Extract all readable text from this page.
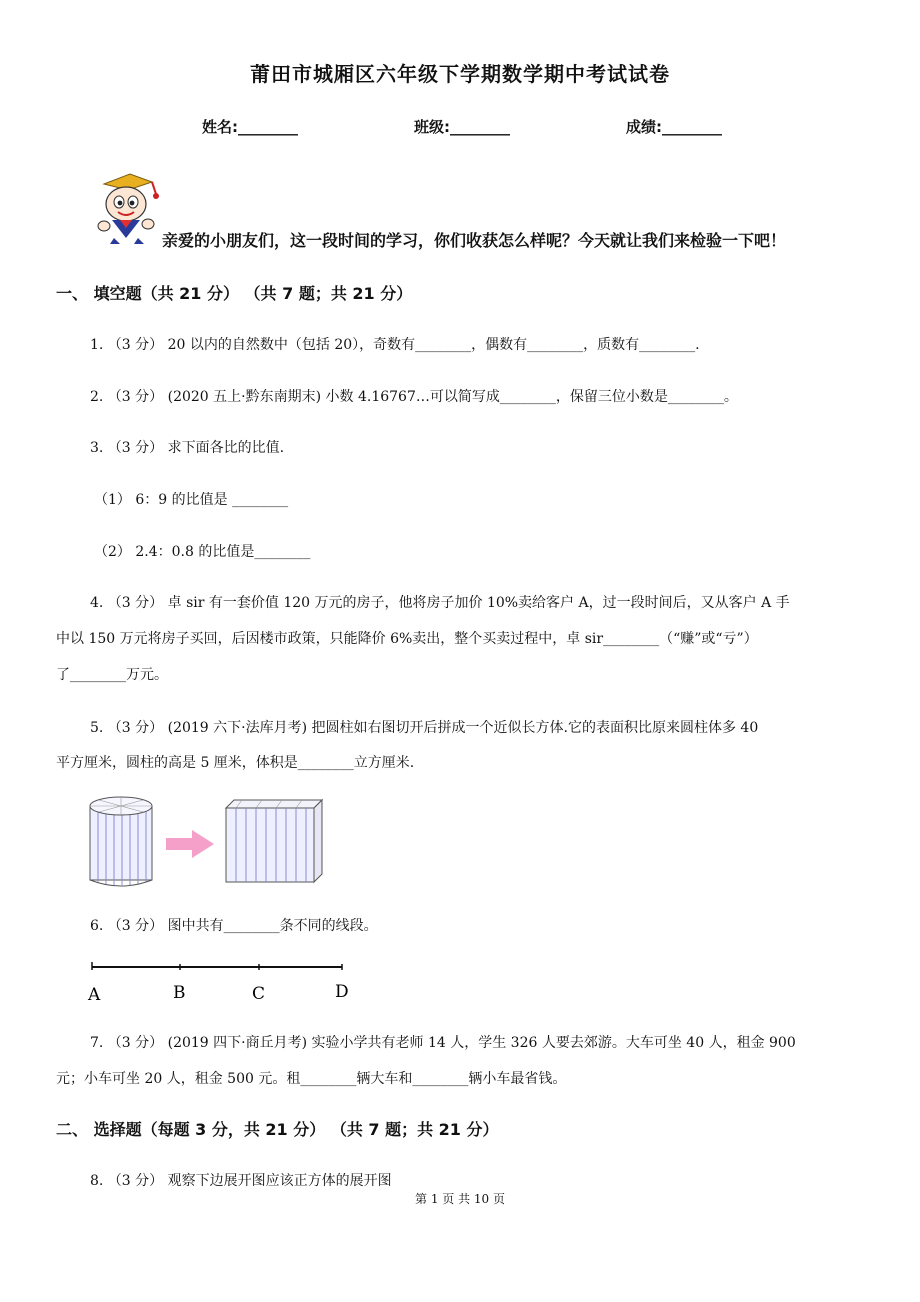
莆田市城厢区六年级下学期数学期中考试试卷
姓名:________	班级:________	成绩:________
亲爱的小朋友们，这一段时间的学习，你们收获怎么样呢？今天就让我们来检验一下吧！
一、 填空题（共 21 分） （共 7 题；共 21 分）
1. （3 分） 20 以内的自然数中（包括 20），奇数有________，偶数有________，质数有________.
2. （3 分） (2020 五上·黔东南期末) 小数 4.16767…可以简写成________，保留三位小数是________。
3. （3 分） 求下面各比的比值.
（1） 6：9 的比值是 ________
（2） 2.4：0.8 的比值是________
4. （3 分） 卓 sir 有一套价值 120 万元的房子，他将房子加价 10%卖给客户 A，过一段时间后，又从客户 A 手
中以 150 万元将房子买回，后因楼市政策，只能降价 6%卖出，整个买卖过程中，卓 sir________（“赚”或“亏”）
了________万元。
5. （3 分） (2019 六下·法库月考) 把圆柱如右图切开后拼成一个近似长方体.它的表面积比原来圆柱体多 40
平方厘米，圆柱的高是 5 厘米，体积是________立方厘米.
6. （3 分） 图中共有________条不同的线段。
A	B	C	D
7. （3 分） (2019 四下·商丘月考) 实验小学共有老师 14 人，学生 326 人要去郊游。大车可坐 40 人，租金 900
元；小车可坐 20 人，租金 500 元。租________辆大车和________辆小车最省钱。
二、 选择题（每题 3 分，共 21 分） （共 7 题；共 21 分）
8. （3 分） 观察下边展开图应该正方体的展开图
第 1 页 共 10 页
